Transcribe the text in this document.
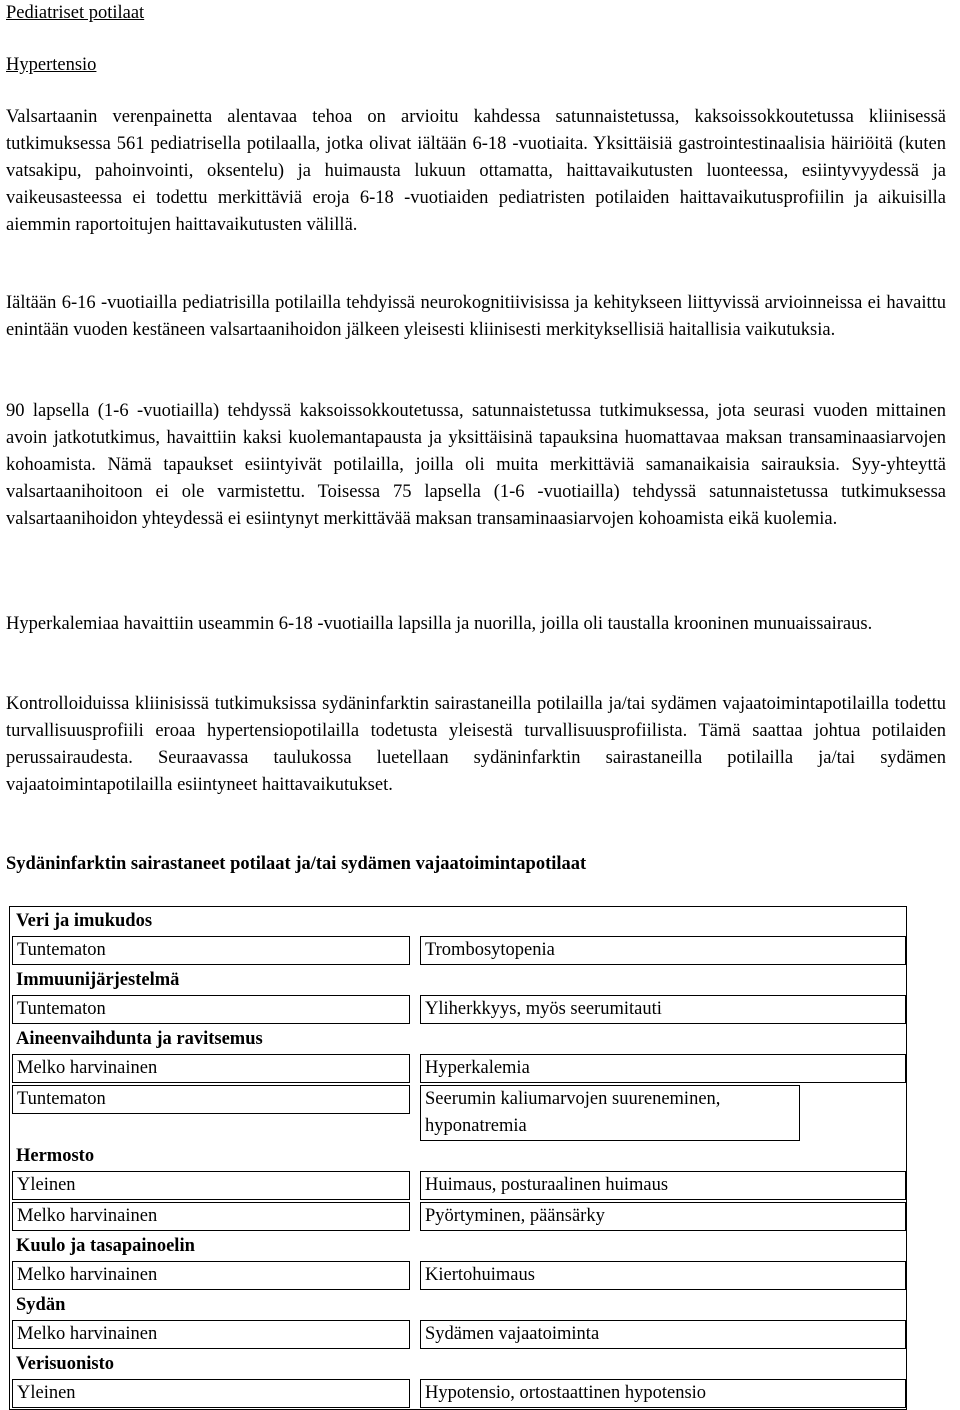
Pediatriset potilaat

Hypertensio

Valsartaanin verenpainetta alentavaa tehoa on arvioitu kahdessa satunnaistetussa, kaksoissokkoutetussa kliinisessä tutkimuksessa 561 pediatrisella potilaalla, jotka olivat iältään 6-18 -vuotiaita. Yksittäisiä gastrointestinaalisia häiriöitä (kuten vatsakipu, pahoinvointi, oksentelu) ja huimausta lukuun ottamatta, haittavaikutusten luonteessa, esiintyvyydessä ja vaikeusasteessa ei todettu merkittäviä eroja 6-18 -vuotiaiden pediatristen potilaiden haittavaikutusprofiilin ja aikuisilla aiemmin raportoitujen haittavaikutusten välillä.

Iältään 6-16 -vuotiailla pediatrisilla potilailla tehdyissä neurokognitiivisissa ja kehitykseen liittyvissä arvioinneissa ei havaittu enintään vuoden kestäneen valsartaanihoidon jälkeen yleisesti kliinisesti merkityksellisiä haitallisia vaikutuksia.

90 lapsella (1-6 -vuotiailla) tehdyssä kaksoissokkoutetussa, satunnaistetussa tutkimuksessa, jota seurasi vuoden mittainen avoin jatkotutkimus, havaittiin kaksi kuolemantapausta ja yksittäisinä tapauksina huomattavaa maksan transaminaasiarvojen kohoamista. Nämä tapaukset esiintyivät potilailla, joilla oli muita merkittäviä samanaikaisia sairauksia. Syy-yhteyttä valsartaanihoitoon ei ole varmistettu. Toisessa 75 lapsella (1-6 -vuotiailla) tehdyssä satunnaistetussa tutkimuksessa valsartaanihoidon yhteydessä ei esiintynyt merkittävää maksan transaminaasiarvojen kohoamista eikä kuolemia.

Hyperkalemiaa havaittiin useammin 6-18 -vuotiailla lapsilla ja nuorilla, joilla oli taustalla krooninen munuaissairaus.

Kontrolloiduissa kliinisissä tutkimuksissa sydäninfarktin sairastaneilla potilailla ja/tai sydämen vajaatoimintapotilailla todettu turvallisuusprofiili eroaa hypertensiopotilailla todetusta yleisestä turvallisuusprofiilista. Tämä saattaa johtua potilaiden perussairaudesta. Seuraavassa taulukossa luetellaan sydäninfarktin sairastaneilla potilailla ja/tai sydämen vajaatoimintapotilailla esiintyneet haittavaikutukset.

Sydäninfarktin sairastaneet potilaat ja/tai sydämen vajaatoimintapotilaat

Veri ja imukudos	

Tuntematon	Trombosytopenia

Immuunijärjestelmä	

Tuntematon	Yliherkkyys, myös seerumitauti

Aineenvaihdunta ja ravitsemus	

Melko harvinainen	Hyperkalemia

Tuntematon	Seerumin kaliumarvojen suureneminen, hyponatremia

Hermosto	

Yleinen	Huimaus, posturaalinen huimaus

Melko harvinainen	Pyörtyminen, päänsärky

Kuulo ja tasapainoelin	

Melko harvinainen	Kiertohuimaus

Sydän	

Melko harvinainen	Sydämen vajaatoiminta

Verisuonisto	

Yleinen	Hypotensio, ortostaattinen hypotensio
